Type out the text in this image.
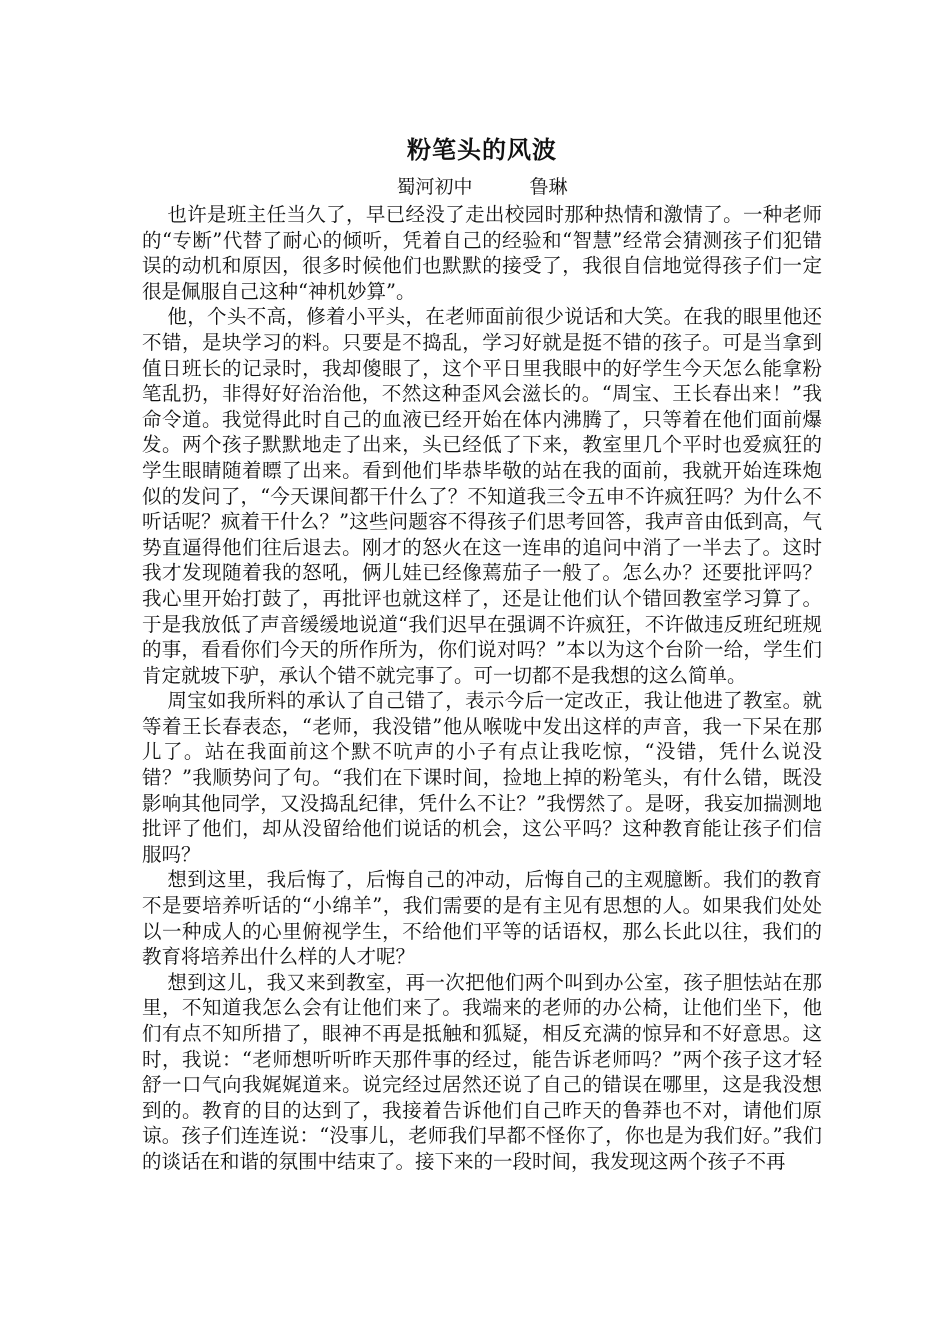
粉笔头的风波
蜀河初中　　　鲁琳

也许是班主任当久了，早已经没了走出校园时那种热情和激情了。一种老师的“专断”代替了耐心的倾听，凭着自己的经验和“智慧”经常会猜测孩子们犯错误的动机和原因，很多时候他们也默默的接受了，我很自信地觉得孩子们一定很是佩服自己这种“神机妙算”。

他，个头不高，修着小平头，在老师面前很少说话和大笑。在我的眼里他还不错，是块学习的料。只要是不捣乱，学习好就是挺不错的孩子。可是当拿到值日班长的记录时，我却傻眼了，这个平日里我眼中的好学生今天怎么能拿粉笔乱扔，非得好好治治他，不然这种歪风会滋长的。“周宝、王长春出来！”我命令道。我觉得此时自己的血液已经开始在体内沸腾了，只等着在他们面前爆发。两个孩子默默地走了出来，头已经低了下来，教室里几个平时也爱疯狂的学生眼睛随着瞟了出来。看到他们毕恭毕敬的站在我的面前，我就开始连珠炮似的发问了，“今天课间都干什么了？不知道我三令五申不许疯狂吗？为什么不听话呢？疯着干什么？”这些问题容不得孩子们思考回答，我声音由低到高，气势直逼得他们往后退去。刚才的怒火在这一连串的追问中消了一半去了。这时我才发现随着我的怒吼，俩儿娃已经像蔫茄子一般了。怎么办？还要批评吗？我心里开始打鼓了，再批评也就这样了，还是让他们认个错回教室学习算了。于是我放低了声音缓缓地说道“我们迟早在强调不许疯狂，不许做违反班纪班规的事，看看你们今天的所作所为，你们说对吗？”本以为这个台阶一给，学生们肯定就坡下驴，承认个错不就完事了。可一切都不是我想的这么简单。

周宝如我所料的承认了自己错了，表示今后一定改正，我让他进了教室。就等着王长春表态，“老师，我没错”他从喉咙中发出这样的声音，我一下呆在那儿了。站在我面前这个默不吭声的小子有点让我吃惊，“没错，凭什么说没错？”我顺势问了句。“我们在下课时间，捡地上掉的粉笔头，有什么错，既没影响其他同学，又没捣乱纪律，凭什么不让？”我愣然了。是呀，我妄加揣测地批评了他们，却从没留给他们说话的机会，这公平吗？这种教育能让孩子们信服吗？

想到这里，我后悔了，后悔自己的冲动，后悔自己的主观臆断。我们的教育不是要培养听话的“小绵羊”，我们需要的是有主见有思想的人。如果我们处处以一种成人的心里俯视学生，不给他们平等的话语权，那么长此以往，我们的教育将培养出什么样的人才呢？

想到这儿，我又来到教室，再一次把他们两个叫到办公室，孩子胆怯站在那里，不知道我怎么会有让他们来了。我端来的老师的办公椅，让他们坐下，他们有点不知所措了，眼神不再是抵触和狐疑，相反充满的惊异和不好意思。这时，我说：“老师想听听昨天那件事的经过，能告诉老师吗？”两个孩子这才轻舒一口气向我娓娓道来。说完经过居然还说了自己的错误在哪里，这是我没想到的。教育的目的达到了，我接着告诉他们自己昨天的鲁莽也不对，请他们原谅。孩子们连连说：“没事儿，老师我们早都不怪你了，你也是为我们好。”我们的谈话在和谐的氛围中结束了。接下来的一段时间，我发现这两个孩子不再
